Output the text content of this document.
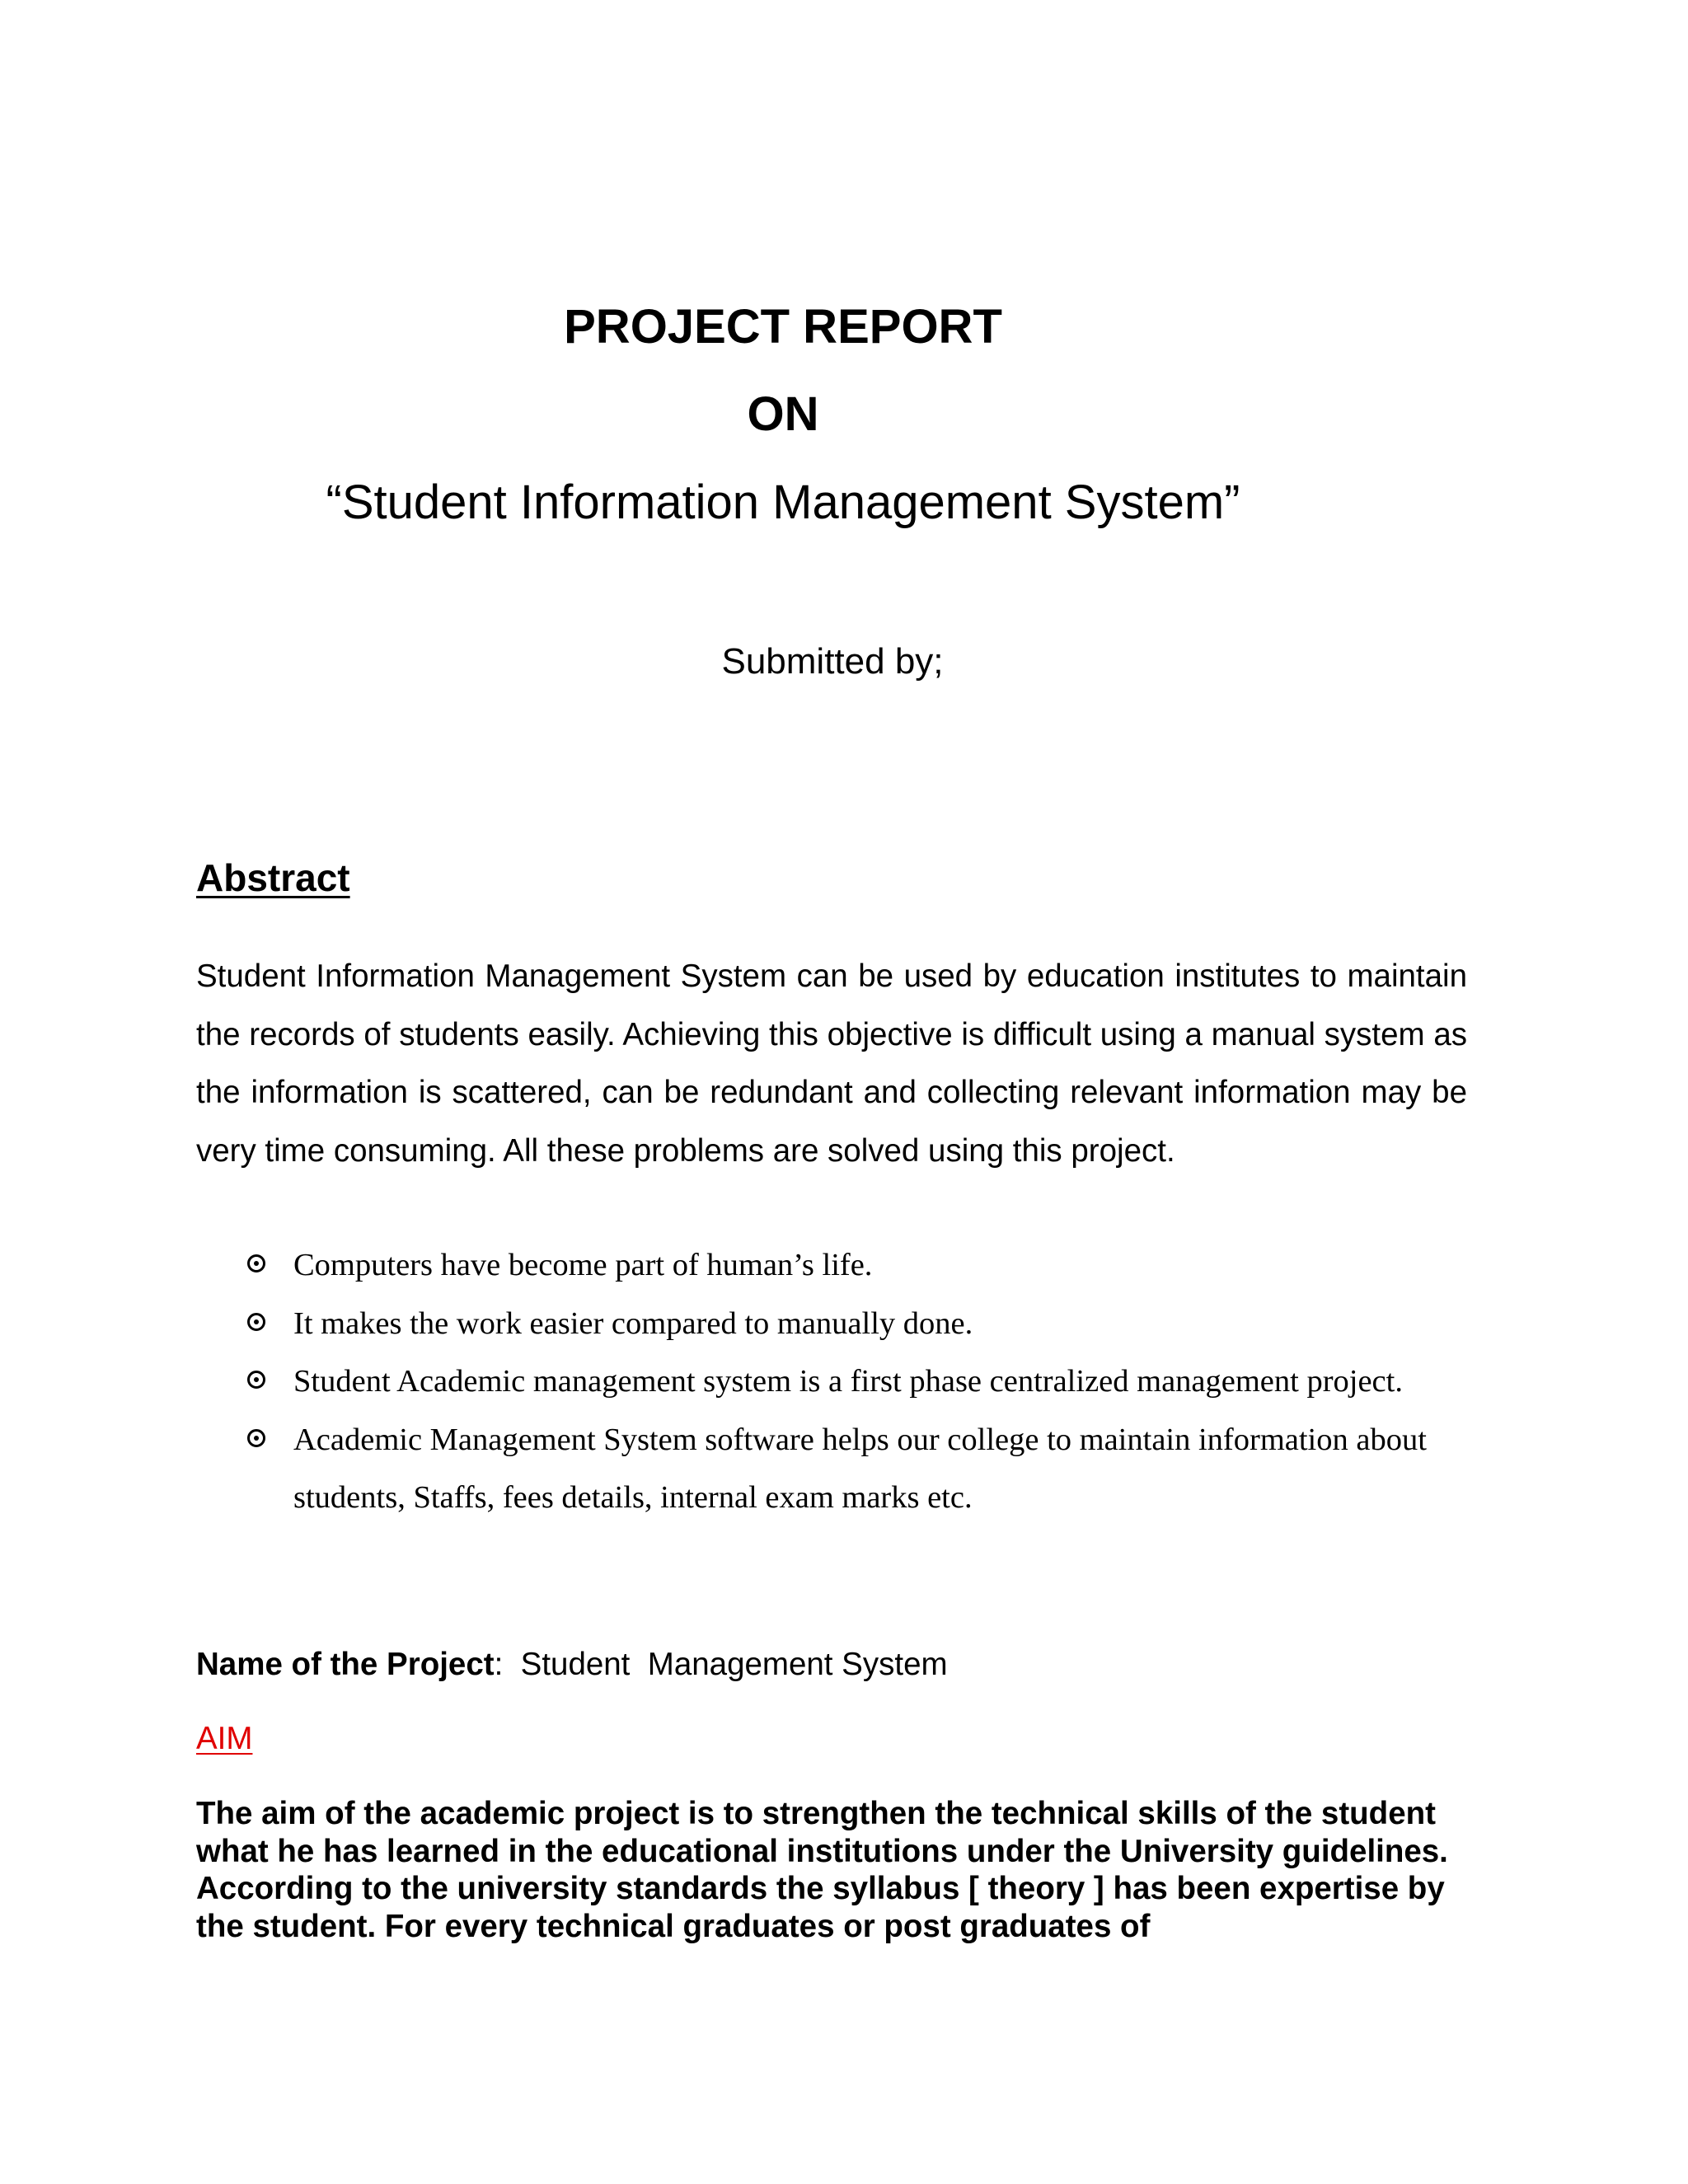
PROJECT REPORT
ON
“Student Information Management System”
Submitted by;
Abstract

Student Information Management System can be used by education institutes to maintain the records of students easily. Achieving this objective is difficult using a manual system as the information is scattered, can be redundant and collecting relevant information may be very time consuming. All these problems are solved using this project.

Computers have become part of human’s life.
It makes the work easier compared to manually done.
Student Academic management system is a first phase centralized management project.
Academic Management System software helps our college to maintain information about students, Staffs, fees details, internal exam marks etc.
Name of the Project:  Student  Management System
AIM

The aim of the academic project is to strengthen the technical skills of the student what he has learned in the educational institutions under the University guidelines. According to the university standards the syllabus [ theory ] has been expertise by the student. For every technical graduates or post graduates of
